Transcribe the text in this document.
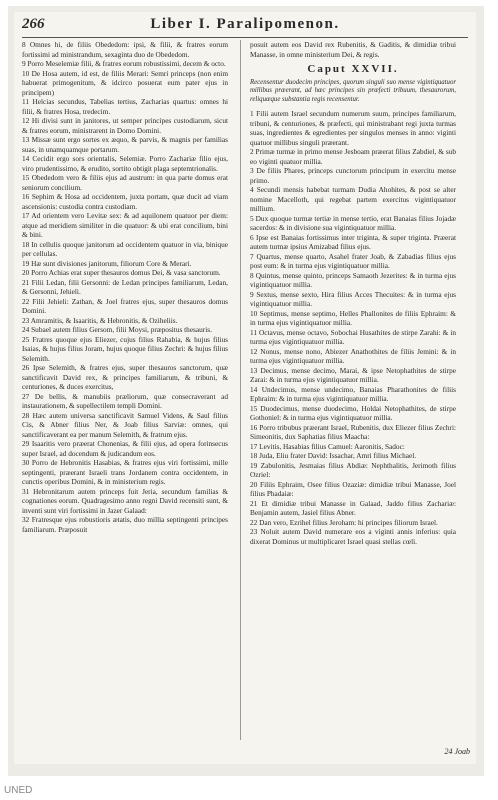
266	Liber I. Paralipomenon.

8 Omnes hi, de filiis Obededom: ipsi, & filii, & fratres eorum fortissimi ad ministrandum, sexaginta duo de Obededom.

9 Porro Meselemiæ filii, & fratres eorum robustissimi, decem & octo.

10 De Hosa autem, id est, de filiis Merari: Semri princeps (non enim habuerat primogenitum, & idcirco posuerat eum pater ejus in principem)

11 Helcias secundus, Tabelias tertius, Zacharias quartus: omnes hi filii, & fratres Hosa, tredecim.

12 Hi divisi sunt in janitores, ut semper principes custodiarum, sicut & fratres eorum, ministrarent in Domo Domini.

13 Missæ sunt ergo sortes ex æquo, & parvis, & magnis per familias suas, in unamquamque portarum.

14 Cecidit ergo sors orientalis, Selemiæ. Porro Zachariæ filio ejus, viro prudentissimo, & erudito, sortito obtigit plaga septemtrionalis.

15 Obededom vero & filiis ejus ad austrum: in qua parte domus erat seniorum concilium.

16 Sephim & Hosa ad occidentem, juxta portam, quæ ducit ad viam ascensionis: custodia contra custodiam.

17 Ad orientem vero Levitæ sex: & ad aquilonem quatuor per diem: atque ad meridiem similiter in die quatuor: & ubi erat concilium, bini & bini.

18 In cellulis quoque janitorum ad occidentem quatuor in via, binique per cellulas.

19 Hæ sunt divisiones janitorum, filiorum Core & Merari.

20 Porro Achias erat super thesauros domus Dei, & vasa sanctorum.

21 Filii Ledan, filii Gersonni: de Ledan principes familiarum, Ledan, & Gersonni, Jehieli.

22 Filii Jehieli: Zathan, & Joel fratres ejus, super thesauros domus Domini.

23 Amramitis, & Isaaritis, & Hebronitis, & Oziheliis.

24 Subael autem filius Gersom, filii Moysi, præpositus thesauris.

25 Fratres quoque ejus Eliezer, cujus filius Rahabia, & hujus filius Isaias, & hujus filius Joram, hujus quoque filius Zechri: & hujus filius Selemith.

26 Ipse Selemith, & fratres ejus, super thesauros sanctorum, quæ sanctificavit David rex, & principes familiarum, & tribuni, & centuriones, & duces exercitus,

27 De bellis, & manubiis præliorum, quæ consecraverant ad instaurationem, & supellectilem templi Domini.

28 Hæc autem universa sanctificavit Samuel Videns, & Saul filius Cis, & Abner filius Ner, & Joab filius Sarviæ: omnes, qui sanctificaverant ea per manum Selemith, & fratrum ejus.

29 Isaaritis vero præerat Chonenias, & filii ejus, ad opera forinsecus super Israel, ad docendum & judicandum eos.

30 Porro de Hebronitis Hasabias, & fratres ejus viri fortissimi, mille septingenti, præerant Israeli trans Jordanem contra occidentem, in cunctis operibus Domini, & in ministerium regis.

31 Hebronitarum autem princeps fuit Jeria, secundum familias & cognationes eorum. Quadragesimo anno regni David recensiti sunt, & inventi sunt viri fortissimi in Jazer Galaad:

32 Fratresque ejus robustioris ætatis, duo millia septingenti principes familiarum. Præposuit

posuit autem eos David rex Rubenitis, & Gaditis, & dimidiæ tribui Manasse, in omne ministerium Dei, & regis.

Caput XXVII.

Recensentur duodecim principes, quorum singuli suo mense vigintiquatuor millibus præerant, ad hæc principes sin præfecti tribuum, thesaurorum, reliquæque substantia regis recensentur.

1 Filii autem Israel secundum numerum suum, principes familiarum, tribuni, & centuriones, & præfecti, qui ministrabant regi juxta turmas suas, ingredientes & egredientes per singulos menses in anno: viginti quatuor millibus singuli præerant.

2 Primæ turmæ in primo mense Jesboam præerat filius Zabdiel, & sub eo viginti quatuor millia.

3 De filiis Phares, princeps cunctorum principum in exercitu mense primo.

4 Secundi mensis habebat turmam Dudia Ahohites, & post se alter nomine Macelloth, qui regebat partem exercitus vigintiquatuor millium.

5 Dux quoque turmæ tertiæ in mense tertio, erat Banaias filius Jojadæ sacerdos: & in divisione sua vigintiquatuor millia.

6 Ipse est Banaias fortissimus inter triginta, & super triginta. Præerat autem turmæ ipsius Amizabad filius ejus.

7 Quartus, mense quarto, Asahel frater Joab, & Zabadias filius ejus post eum: & in turma ejus vigintiquatuor millia.

8 Quintus, mense quinto, princeps Samaoth Jezerites: & in turma ejus vigintiquatuor millia.

9 Sextus, mense sexto, Hira filius Acces Thecuites: & in turma ejus vigintiquatuor millia.

10 Septimus, mense septimo, Helles Phallonites de filiis Ephraim: & in turma ejus vigintiquatuor millia.

11 Octavus, mense octavo, Sobochai Husathites de stirpe Zarahi: & in turma ejus vigintiquatuor millia.

12 Nonus, mense nono, Abiezer Anathothites de filiis Jemini: & in turma ejus vigintiquatuor millia.

13 Decimus, mense decimo, Marai, & ipse Netophathites de stirpe Zarai: & in turma ejus vigintiquatuor millia.

14 Undecimus, mense undecimo, Banaias Pharathonites de filiis Ephraim: & in turma ejus vigintiquatuor millia.

15 Duodecimus, mense duodecimo, Holdai Netophathites, de stirpe Gothoniel: & in turma ejus vigintiquatuor millia.

16 Porro tribubus præerant Israel, Rubenitis, dux Eliezer filius Zechri: Simeonitis, dux Saphatias filius Maacha:

17 Levitis, Hasabias filius Camuel: Aaronitis, Sadoc:

18 Juda, Eliu frater David: Issachar, Amri filius Michael.

19 Zabulonitis, Jesmaias filius Abdiæ: Nephthalitis, Jerimoth filius Ozriel:

20 Filiis Ephraim, Osee filius Ozaziæ: dimidiæ tribui Manasse, Joel filius Phadaiæ:

21 Et dimidiæ tribui Manasse in Galaad, Jaddo filius Zachariæ: Benjamin autem, Jasiel filius Abner.

22 Dan vero, Ezrihel filius Jeroham: hi principes filiorum Israel.

23 Noluit autem David numerare eos a viginti annis inferius: quia dixerat Dominus ut multiplicaret Israel quasi stellas cœli.

24 Joab
UNED
